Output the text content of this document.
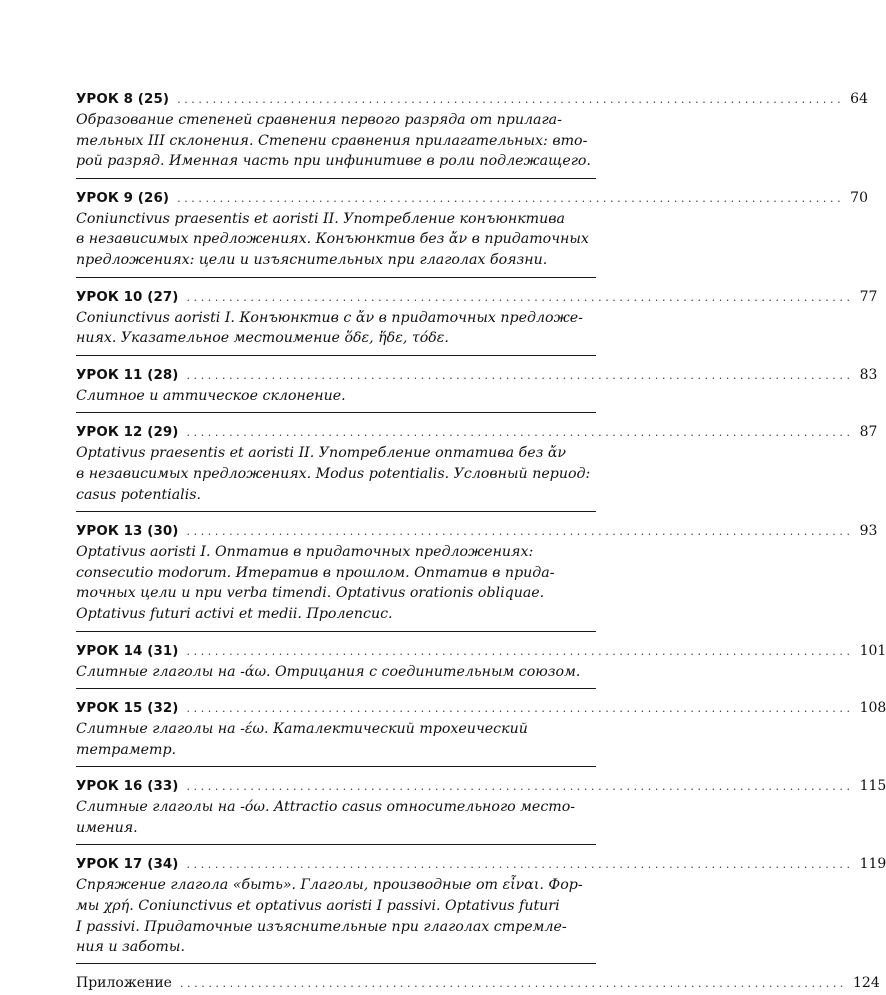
УРОК 8 (25) .............................................................................................. 64

Образование степеней сравнения первого разряда от прилага-
тельных III склонения. Степени сравнения прилагательных: вто-
рой разряд. Именная часть при инфинитиве в роли подлежащего.

УРОК 9 (26) .............................................................................................. 70

Coniunctivus praesentis et aoristi II. Употребление конъюнктива
в независимых предложениях. Конъюнктив без ἄν в придаточных
предложениях: цели и изъяснительных при глаголах боязни.

УРОК 10 (27) .............................................................................................. 77

Coniunctivus aoristi I. Конъюнктив с ἄν в придаточных предложе-
ниях. Указательное местоимение ὅδε, ἥδε, τόδε.

УРОК 11 (28) .............................................................................................. 83

Слитное и аттическое склонение.

УРОК 12 (29) .............................................................................................. 87

Optativus praesentis et aoristi II. Употребление оптатива без ἄν
в независимых предложениях. Modus potentialis. Условный период:
casus potentialis.

УРОК 13 (30) .............................................................................................. 93

Optativus aoristi I. Оптатив в придаточных предложениях:
consecutio modorum. Итератив в прошлом. Оптатив в прида-
точных цели и при verba timendi. Optativus orationis obliquae.
Optativus futuri activi et medii. Пролепсис.

УРОК 14 (31) .............................................................................................. 101

Слитные глаголы на -άω. Отрицания с соединительным союзом.

УРОК 15 (32) .............................................................................................. 108

Слитные глаголы на -έω. Каталектический трохеический
тетраметр.

УРОК 16 (33) .............................................................................................. 115

Слитные глаголы на -όω. Attractio casus относительного место-
имения.

УРОК 17 (34) .............................................................................................. 119

Спряжение глагола «быть». Глаголы, производные от εἶναι. Фор-
мы χρή. Coniunctivus et optativus aoristi I passivi. Optativus futuri
I passivi. Придаточные изъяснительные при глаголах стремле-
ния и заботы.

Приложение .............................................................................................. 124
